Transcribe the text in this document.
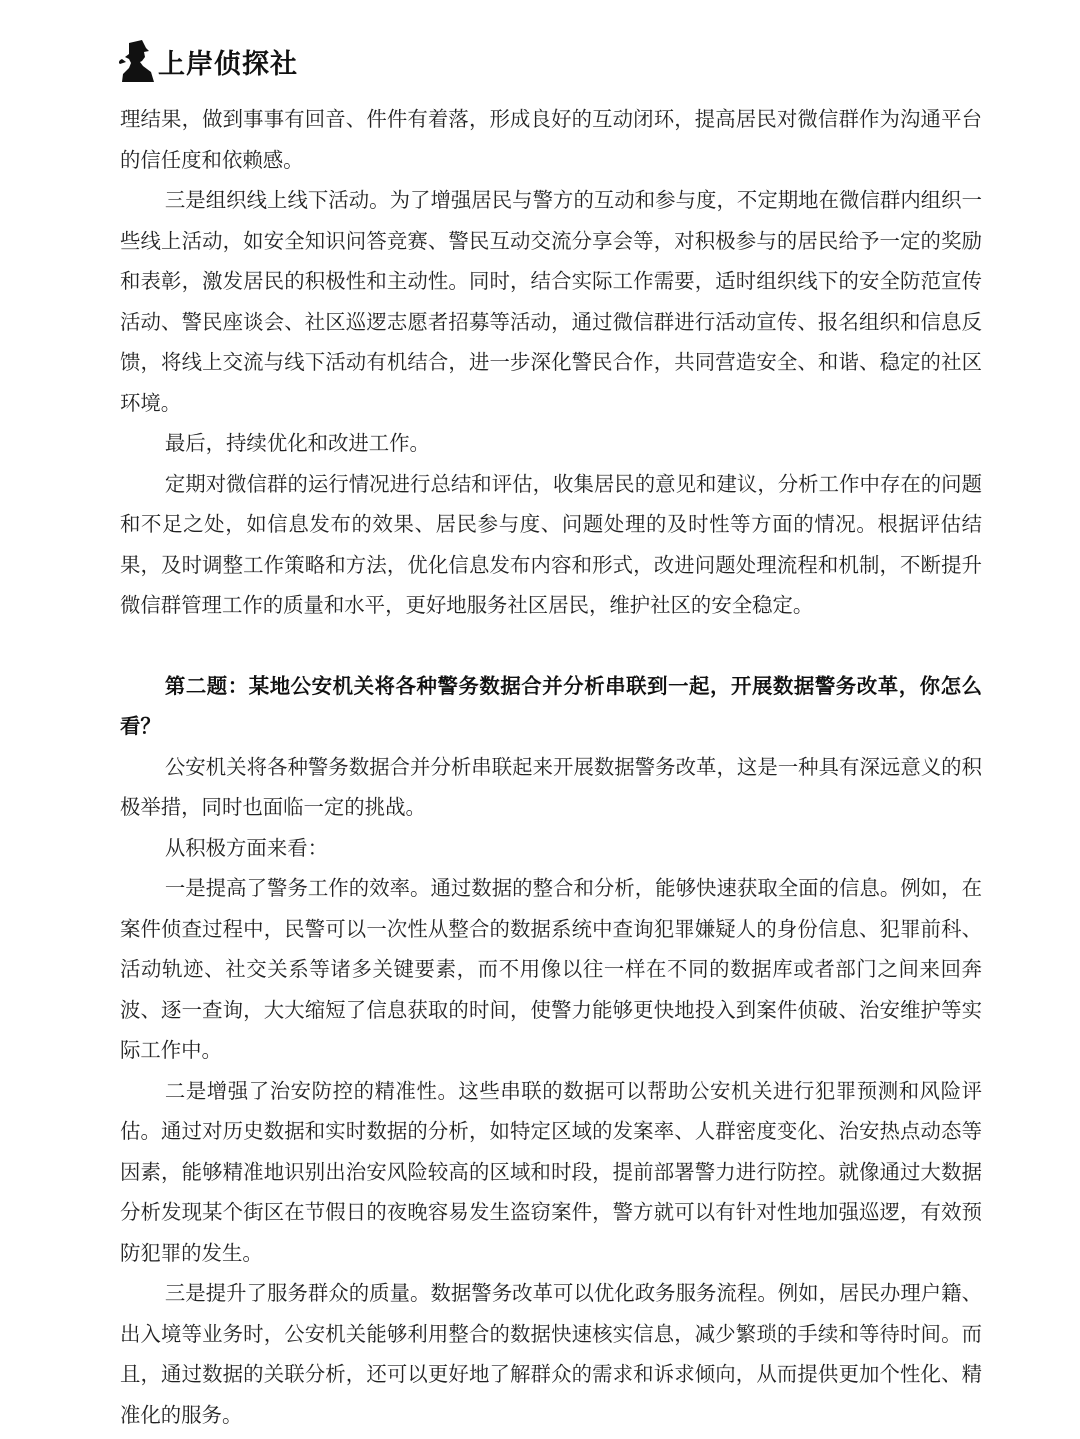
上岸侦探社

理结果，做到事事有回音、件件有着落，形成良好的互动闭环，提高居民对微信群作为沟通平台的信任度和依赖感。

三是组织线上线下活动。为了增强居民与警方的互动和参与度，不定期地在微信群内组织一些线上活动，如安全知识问答竞赛、警民互动交流分享会等，对积极参与的居民给予一定的奖励和表彰，激发居民的积极性和主动性。同时，结合实际工作需要，适时组织线下的安全防范宣传活动、警民座谈会、社区巡逻志愿者招募等活动，通过微信群进行活动宣传、报名组织和信息反馈，将线上交流与线下活动有机结合，进一步深化警民合作，共同营造安全、和谐、稳定的社区环境。

最后，持续优化和改进工作。

定期对微信群的运行情况进行总结和评估，收集居民的意见和建议，分析工作中存在的问题和不足之处，如信息发布的效果、居民参与度、问题处理的及时性等方面的情况。根据评估结果，及时调整工作策略和方法，优化信息发布内容和形式，改进问题处理流程和机制，不断提升微信群管理工作的质量和水平，更好地服务社区居民，维护社区的安全稳定。

第二题：某地公安机关将各种警务数据合并分析串联到一起，开展数据警务改革，你怎么看？

公安机关将各种警务数据合并分析串联起来开展数据警务改革，这是一种具有深远意义的积极举措，同时也面临一定的挑战。

从积极方面来看：

一是提高了警务工作的效率。通过数据的整合和分析，能够快速获取全面的信息。例如，在案件侦查过程中，民警可以一次性从整合的数据系统中查询犯罪嫌疑人的身份信息、犯罪前科、活动轨迹、社交关系等诸多关键要素，而不用像以往一样在不同的数据库或者部门之间来回奔波、逐一查询，大大缩短了信息获取的时间，使警力能够更快地投入到案件侦破、治安维护等实际工作中。

二是增强了治安防控的精准性。这些串联的数据可以帮助公安机关进行犯罪预测和风险评估。通过对历史数据和实时数据的分析，如特定区域的发案率、人群密度变化、治安热点动态等因素，能够精准地识别出治安风险较高的区域和时段，提前部署警力进行防控。就像通过大数据分析发现某个街区在节假日的夜晚容易发生盗窃案件，警方就可以有针对性地加强巡逻，有效预防犯罪的发生。

三是提升了服务群众的质量。数据警务改革可以优化政务服务流程。例如，居民办理户籍、出入境等业务时，公安机关能够利用整合的数据快速核实信息，减少繁琐的手续和等待时间。而且，通过数据的关联分析，还可以更好地了解群众的需求和诉求倾向，从而提供更加个性化、精准化的服务。
